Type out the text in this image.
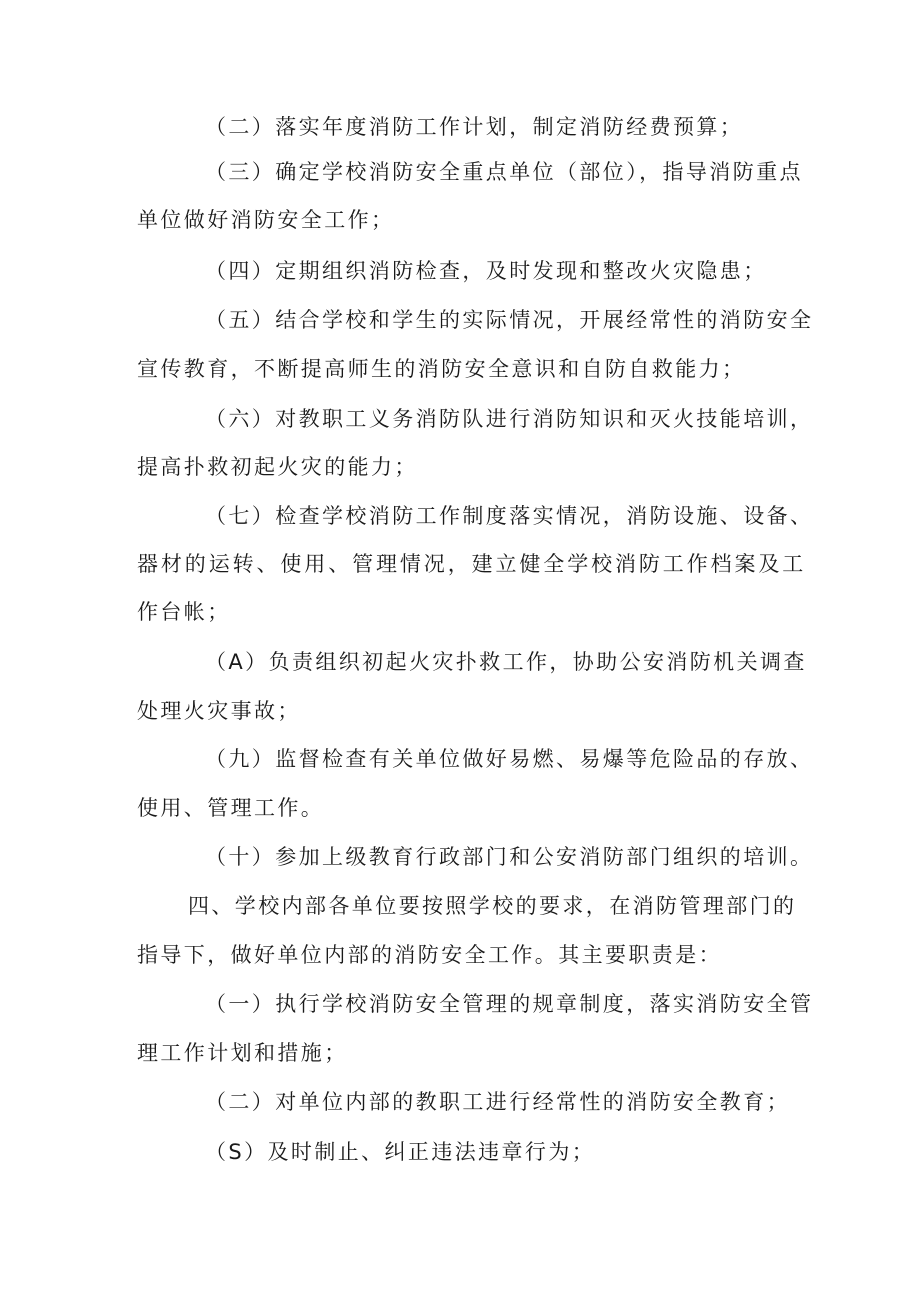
（二）落实年度消防工作计划，制定消防经费预算；
（三）确定学校消防安全重点单位（部位），指导消防重点
单位做好消防安全工作；
（四）定期组织消防检查，及时发现和整改火灾隐患；
（五）结合学校和学生的实际情况，开展经常性的消防安全
宣传教育，不断提高师生的消防安全意识和自防自救能力；
（六）对教职工义务消防队进行消防知识和灭火技能培训，
提高扑救初起火灾的能力；
（七）检查学校消防工作制度落实情况，消防设施、设备、
器材的运转、使用、管理情况，建立健全学校消防工作档案及工
作台帐；
（A）负责组织初起火灾扑救工作，协助公安消防机关调查
处理火灾事故；
（九）监督检查有关单位做好易燃、易爆等危险品的存放、
使用、管理工作。
（十）参加上级教育行政部门和公安消防部门组织的培训。
四、学校内部各单位要按照学校的要求，在消防管理部门的
指导下，做好单位内部的消防安全工作。其主要职责是：
（一）执行学校消防安全管理的规章制度，落实消防安全管
理工作计划和措施；
（二）对单位内部的教职工进行经常性的消防安全教育；
（S）及时制止、纠正违法违章行为；
